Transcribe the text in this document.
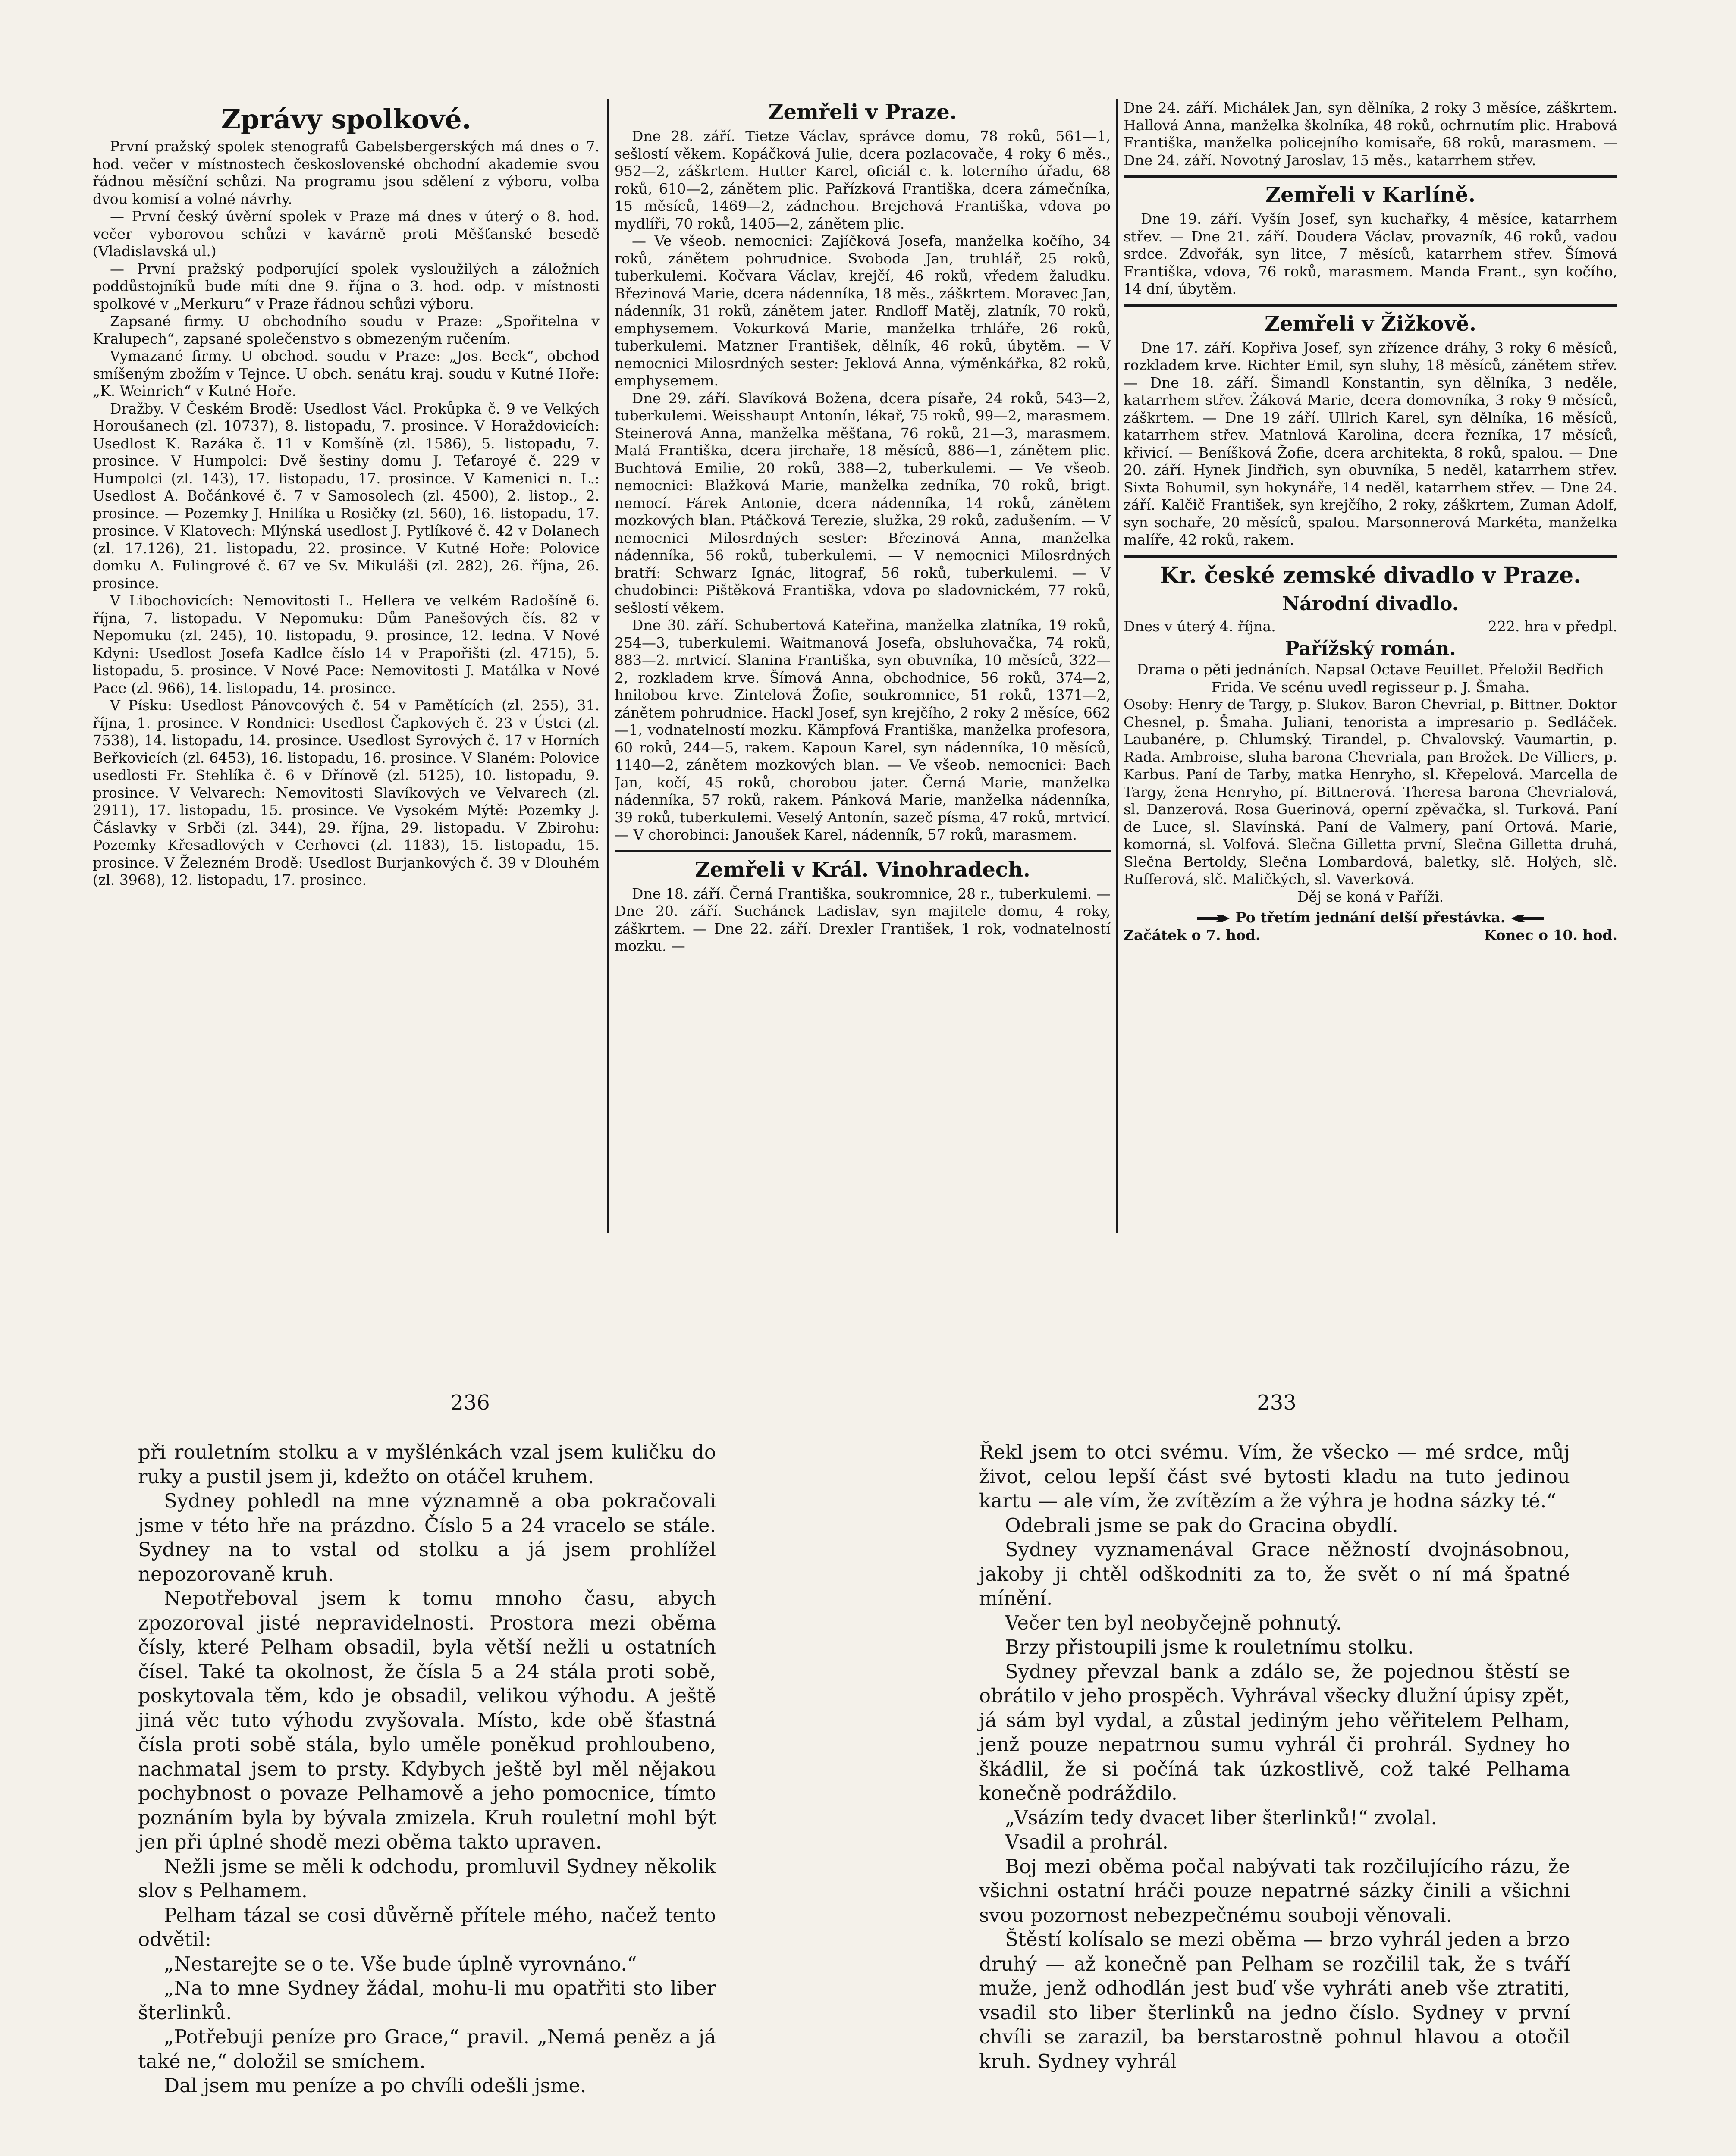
Zprávy spolkové.

První pražský spolek stenografů Gabelsbergerských má dnes o 7. hod. večer v místnostech československé obchodní akademie svou řádnou měsíční schůzi. Na programu jsou sdělení z výboru, volba dvou komisí a volné návrhy.

— První český úvěrní spolek v Praze má dnes v úterý o 8. hod. večer vyborovou schůzi v kavárně proti Měšťanské besedě (Vladislavská ul.)

— První pražský podporující spolek vysloužilých a záložních poddůstojníků bude míti dne 9. října o 3. hod. odp. v místnosti spolkové v „Merkuru“ v Praze řádnou schůzi výboru.

Zapsané firmy. U obchodního soudu v Praze: „Spořitelna v Kralupech“, zapsané společenstvo s obmezeným ručením.

Vymazané firmy. U obchod. soudu v Praze: „Jos. Beck“, obchod smíšeným zbožím v Tejnce. U obch. senátu kraj. soudu v Kutné Hoře: „K. Weinrich“ v Kutné Hoře.

Dražby. V Českém Brodě: Usedlost Václ. Prokůpka č. 9 ve Velkých Horoušanech (zl. 10737), 8. listopadu, 7. prosince. V Horaždovicích: Usedlost K. Razáka č. 11 v Komšíně (zl. 1586), 5. listopadu, 7. prosince. V Humpolci: Dvě šestiny domu J. Teťaroyé č. 229 v Humpolci (zl. 143), 17. listopadu, 17. prosince. V Kamenici n. L.: Usedlost A. Bočánkové č. 7 v Samosolech (zl. 4500), 2. listop., 2. prosince. — Pozemky J. Hnilíka u Rosičky (zl. 560), 16. listopadu, 17. prosince. V Klatovech: Mlýnská usedlost J. Pytlíkové č. 42 v Dolanech (zl. 17.126), 21. listopadu, 22. prosince. V Kutné Hoře: Polovice domku A. Fulingrové č. 67 ve Sv. Mikuláši (zl. 282), 26. října, 26. prosince.

V Libochovicích: Nemovitosti L. Hellera ve velkém Radošíně 6. října, 7. listopadu. V Nepomuku: Dům Panešových čís. 82 v Nepomuku (zl. 245), 10. listopadu, 9. prosince, 12. ledna. V Nové Kdyni: Usedlost Josefa Kadlce číslo 14 v Prapořišti (zl. 4715), 5. listopadu, 5. prosince. V Nové Pace: Nemovitosti J. Matálka v Nové Pace (zl. 966), 14. listopadu, 14. prosince.

V Písku: Usedlost Pánovcových č. 54 v Pamětících (zl. 255), 31. října, 1. prosince. V Rondnici: Usedlost Čapkových č. 23 v Ústci (zl. 7538), 14. listopadu, 14. prosince. Usedlost Syrových č. 17 v Horních Beřkovicích (zl. 6453), 16. listopadu, 16. prosince. V Slaném: Polovice usedlosti Fr. Stehlíka č. 6 v Dřínově (zl. 5125), 10. listopadu, 9. prosince. V Velvarech: Nemovitosti Slavíkových ve Velvarech (zl. 2911), 17. listopadu, 15. prosince. Ve Vysokém Mýtě: Pozemky J. Čáslavky v Srbči (zl. 344), 29. října, 29. listopadu. V Zbirohu: Pozemky Křesadlových v Cerhovci (zl. 1183), 15. listopadu, 15. prosince. V Železném Brodě: Usedlost Burjankových č. 39 v Dlouhém (zl. 3968), 12. listopadu, 17. prosince.

Zemřeli v Praze.

Dne 28. září. Tietze Václav, správce domu, 78 roků, 561—1, sešlostí věkem. Kopáčková Julie, dcera pozlacovače, 4 roky 6 měs., 952—2, záškrtem. Hutter Karel, oficiál c. k. loterního úřadu, 68 roků, 610—2, zánětem plic. Pařízková Františka, dcera zámečníka, 15 měsíců, 1469—2, zádnchou. Brejchová Františka, vdova po mydlíři, 70 roků, 1405—2, zánětem plic.

— Ve všeob. nemocnici: Zajíčková Josefa, manželka kočího, 34 roků, zánětem pohrudnice. Svoboda Jan, truhlář, 25 roků, tuberkulemi. Kočvara Václav, krejčí, 46 roků, vředem žaludku. Březinová Marie, dcera nádenníka, 18 měs., záškrtem. Moravec Jan, nádenník, 31 roků, zánětem jater. Rndloff Matěj, zlatník, 70 roků, emphysemem. Vokurková Marie, manželka trhláře, 26 roků, tuberkulemi. Matzner František, dělník, 46 roků, úbytěm. — V nemocnici Milosrdných sester: Jeklová Anna, výměnkářka, 82 roků, emphysemem.

Dne 29. září. Slavíková Božena, dcera písaře, 24 roků, 543—2, tuberkulemi. Weisshaupt Antonín, lékař, 75 roků, 99—2, marasmem. Steinerová Anna, manželka měšťana, 76 roků, 21—3, marasmem. Malá Františka, dcera jirchaře, 18 měsíců, 886—1, zánětem plic. Buchtová Emilie, 20 roků, 388—2, tuberkulemi. — Ve všeob. nemocnici: Blažková Marie, manželka zedníka, 70 roků, brigt. nemocí. Fárek Antonie, dcera nádenníka, 14 roků, zánětem mozkových blan. Ptáčková Terezie, služka, 29 roků, zadušením. — V nemocnici Milosrdných sester: Březinová Anna, manželka nádenníka, 56 roků, tuberkulemi. — V nemocnici Milosrdných bratří: Schwarz Ignác, litograf, 56 roků, tuberkulemi. — V chudobinci: Pištěková Františka, vdova po sladovnickém, 77 roků, sešlostí věkem.

Dne 30. září. Schubertová Kateřina, manželka zlatníka, 19 roků, 254—3, tuberkulemi. Waitmanová Josefa, obsluhovačka, 74 roků, 883—2. mrtvicí. Slanina Františka, syn obuvníka, 10 měsíců, 322—2, rozkladem krve. Šímová Anna, obchodnice, 56 roků, 374—2, hnilobou krve. Zintelová Žofie, soukromnice, 51 roků, 1371—2, zánětem pohrudnice. Hackl Josef, syn krejčího, 2 roky 2 měsíce, 662—1, vodnatelností mozku. Kämpfová Františka, manželka profesora, 60 roků, 244—5, rakem. Kapoun Karel, syn nádenníka, 10 měsíců, 1140—2, zánětem mozkových blan. — Ve všeob. nemocnici: Bach Jan, kočí, 45 roků, chorobou jater. Černá Marie, manželka nádenníka, 57 roků, rakem. Pánková Marie, manželka nádenníka, 39 roků, tuberkulemi. Veselý Antonín, sazeč písma, 47 roků, mrtvicí. — V chorobinci: Janoušek Karel, nádenník, 57 roků, marasmem.

Zemřeli v Král. Vinohradech.

Dne 18. září. Černá Františka, soukromnice, 28 r., tuberkulemi. — Dne 20. září. Suchánek Ladislav, syn majitele domu, 4 roky, záškrtem. — Dne 22. září. Drexler František, 1 rok, vodnatelností mozku. —

Dne 24. září. Michálek Jan, syn dělníka, 2 roky 3 měsíce, záškrtem. Hallová Anna, manželka školníka, 48 roků, ochrnutím plic. Hrabová Františka, manželka policejního komisaře, 68 roků, marasmem. — Dne 24. září. Novotný Jaroslav, 15 měs., katarrhem střev.

Zemřeli v Karlíně.

Dne 19. září. Vyšín Josef, syn kuchařky, 4 měsíce, katarrhem střev. — Dne 21. září. Doudera Václav, provazník, 46 roků, vadou srdce. Zdvořák, syn litce, 7 měsíců, katarrhem střev. Šímová Františka, vdova, 76 roků, marasmem. Manda Frant., syn kočího, 14 dní, úbytěm.

Zemřeli v Žižkově.

Dne 17. září. Kopřiva Josef, syn zřízence dráhy, 3 roky 6 měsíců, rozkladem krve. Richter Emil, syn sluhy, 18 měsíců, zánětem střev. — Dne 18. září. Šimandl Konstantin, syn dělníka, 3 neděle, katarrhem střev. Žáková Marie, dcera domovníka, 3 roky 9 měsíců, záškrtem. — Dne 19 září. Ullrich Karel, syn dělníka, 16 měsíců, katarrhem střev. Matnlová Karolina, dcera řezníka, 17 měsíců, křivicí. — Beníšková Žofie, dcera architekta, 8 roků, spalou. — Dne 20. září. Hynek Jindřich, syn obuvníka, 5 neděl, katarrhem střev. Sixta Bohumil, syn hokynáře, 14 neděl, katarrhem střev. — Dne 24. září. Kalčič František, syn krejčího, 2 roky, záškrtem, Zuman Adolf, syn sochaře, 20 měsíců, spalou. Marsonnerová Markéta, manželka malíře, 42 roků, rakem.

Kr. české zemské divadlo v Praze.
Národní divadlo.
Dnes v úterý 4. října.	222. hra v předpl.
Pařížský román.

Drama o pěti jednáních. Napsal Octave Feuillet. Přeložil Bedřich Frida. Ve scénu uvedl regisseur p. J. Šmaha.

Osoby: Henry de Targy, p. Slukov. Baron Chevrial, p. Bittner. Doktor Chesnel, p. Šmaha. Juliani, tenorista a impresario p. Sedláček. Laubanére, p. Chlumský. Tirandel, p. Chvalovský. Vaumartin, p. Rada. Ambroise, sluha barona Chevriala, pan Brožek. De Villiers, p. Karbus. Paní de Tarby, matka Henryho, sl. Křepelová. Marcella de Targy, žena Henryho, pí. Bittnerová. Theresa barona Chevrialová, sl. Danzerová. Rosa Guerinová, operní zpěvačka, sl. Turková. Paní de Luce, sl. Slavínská. Paní de Valmery, paní Ortová. Marie, komorná, sl. Volfová. Slečna Gilletta první, Slečna Gilletta druhá, Slečna Bertoldy, Slečna Lombardová, baletky, slč. Holých, slč. Rufferová, slč. Maličkých, sl. Vaverková.

Děj se koná v Paříži.

Po třetím jednání delší přestávka.
Začátek o 7. hod.	Konec o 10. hod.
236	233

při rouletním stolku a v myšlénkách vzal jsem kuličku do ruky a pustil jsem ji, kdežto on otáčel kruhem.

Sydney pohledl na mne významně a oba pokračovali jsme v této hře na prázdno. Číslo 5 a 24 vracelo se stále. Sydney na to vstal od stolku a já jsem prohlížel nepozorovaně kruh.

Nepotřeboval jsem k tomu mnoho času, abych zpozoroval jisté nepravidelnosti. Prostora mezi oběma čísly, které Pelham obsadil, byla větší nežli u ostatních čísel. Také ta okolnost, že čísla 5 a 24 stála proti sobě, poskytovala těm, kdo je obsadil, velikou výhodu. A ještě jiná věc tuto výhodu zvyšovala. Místo, kde obě šťastná čísla proti sobě stála, bylo uměle poněkud prohloubeno, nachmatal jsem to prsty. Kdybych ještě byl měl nějakou pochybnost o povaze Pelhamově a jeho pomocnice, tímto poznáním byla by bývala zmizela. Kruh rouletní mohl být jen při úplné shodě mezi oběma takto upraven.

Nežli jsme se měli k odchodu, promluvil Sydney několik slov s Pelhamem.

Pelham tázal se cosi důvěrně přítele mého, načež tento odvětil:

„Nestarejte se o te. Vše bude úplně vyrovnáno.“

„Na to mne Sydney žádal, mohu-li mu opatřiti sto liber šterlinků.

„Potřebuji peníze pro Grace,“ pravil. „Nemá peněz a já také ne,“ doložil se smíchem.

Dal jsem mu peníze a po chvíli odešli jsme.

Řekl jsem to otci svému. Vím, že všecko — mé srdce, můj život, celou lepší část své bytosti kladu na tuto jedinou kartu — ale vím, že zvítězím a že výhra je hodna sázky té.“

Odebrali jsme se pak do Gracina obydlí.

Sydney vyznamenával Grace něžností dvojnásobnou, jakoby ji chtěl odškodniti za to, že svět o ní má špatné mínění.

Večer ten byl neobyčejně pohnutý.

Brzy přistoupili jsme k rouletnímu stolku.

Sydney převzal bank a zdálo se, že pojednou štěstí se obrátilo v jeho prospěch. Vyhrával všecky dlužní úpisy zpět, já sám byl vydal, a zůstal jediným jeho věřitelem Pelham, jenž pouze nepatrnou sumu vyhrál či prohrál. Sydney ho škádlil, že si počíná tak úzkostlivě, což také Pelhama konečně podráždilo.

„Vsázím tedy dvacet liber šterlinků!“ zvolal.

Vsadil a prohrál.

Boj mezi oběma počal nabývati tak rozčilujícího rázu, že všichni ostatní hráči pouze nepatrné sázky činili a všichni svou pozornost nebezpečnému souboji věnovali.

Štěstí kolísalo se mezi oběma — brzo vyhrál jeden a brzo druhý — až konečně pan Pelham se rozčilil tak, že s tváří muže, jenž odhodlán jest buď vše vyhráti aneb vše ztratiti, vsadil sto liber šterlinků na jedno číslo. Sydney v první chvíli se zarazil, ba berstarostně pohnul hlavou a otočil kruh. Sydney vyhrál
